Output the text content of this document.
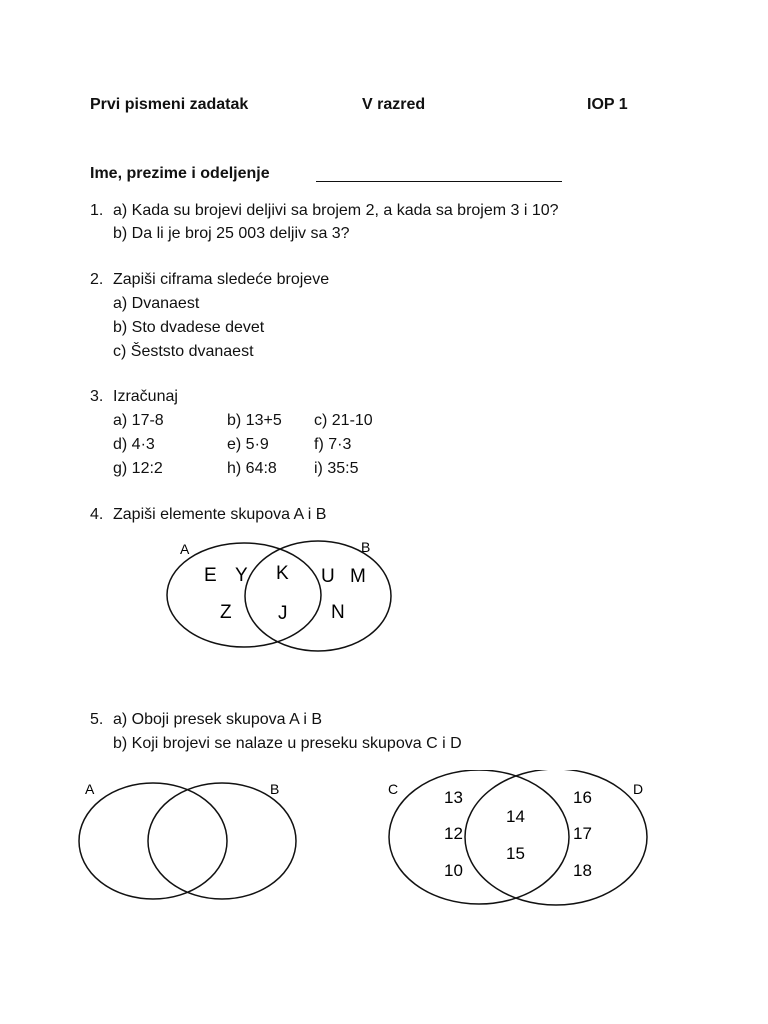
Prvi pismeni zadatak	V razred	IOP 1
Ime, prezime i odeljenje
1. a) Kada su brojevi deljivi sa brojem 2, a kada sa brojem 3 i 10?
b) Da li je broj 25 003 deljiv sa 3?
2. Zapiši ciframa sledeće brojeve
a) Dvanaest
b) Sto dvadese devet
c) Šeststo dvanaest
3. Izračunaj
a) 17-8	b) 13+5 c) 21-10
d) 4·3	e) 5·9	f) 7·3
g) 12:2	h) 64:8 i) 35:5
4. Zapiši elemente skupova A i B
A	B
E Y
Z
K
J
U M
N
5. a) Oboji presek skupova A i B
b) Koji brojevi se nalaze u preseku skupova C i D
A	B	C	D
13
12
10
14
15
16
17
18
